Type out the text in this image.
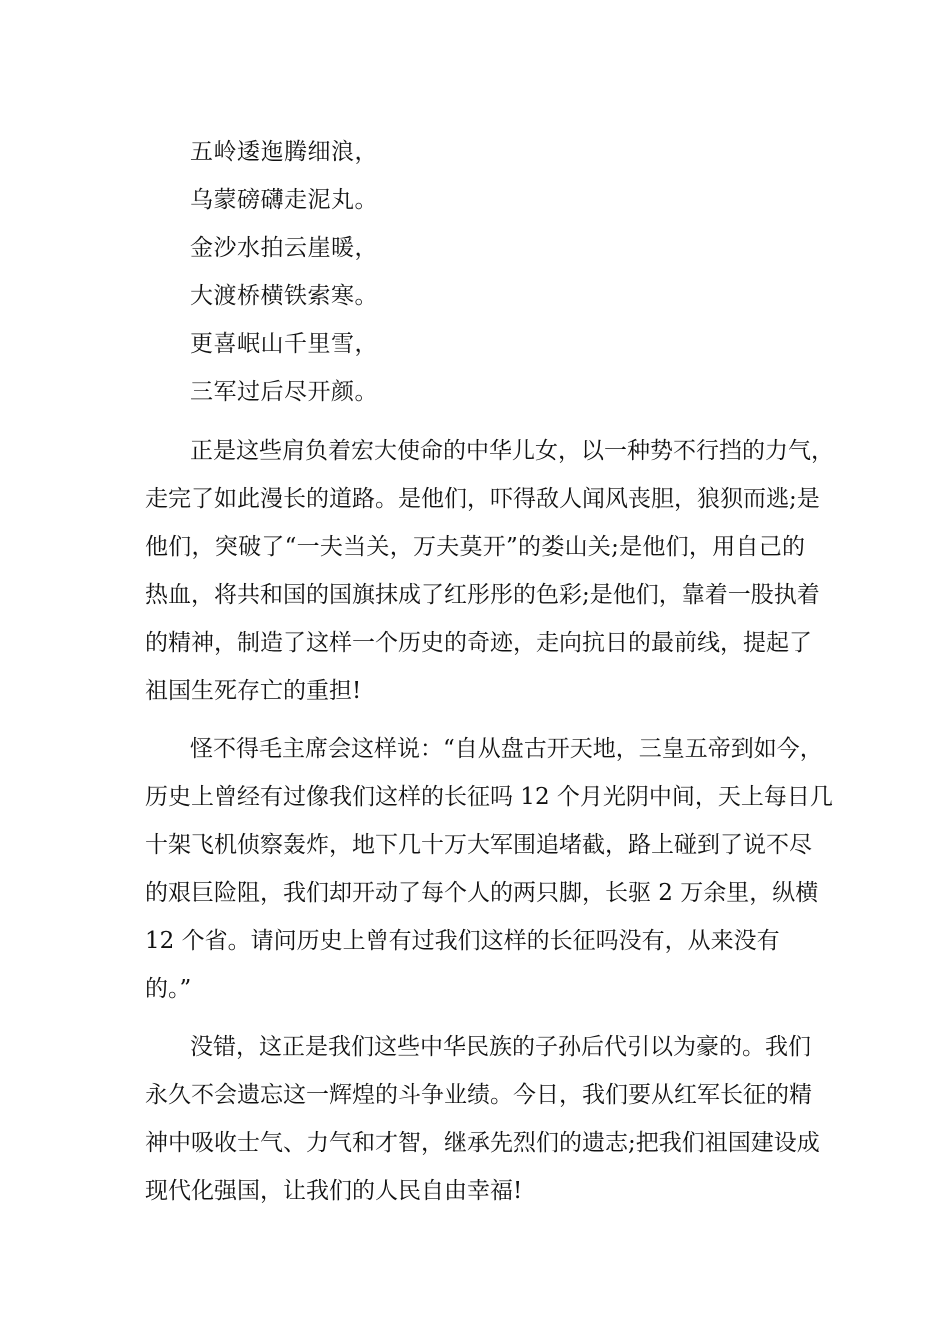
五岭逶迤腾细浪，
乌蒙磅礴走泥丸。
金沙水拍云崖暖，
大渡桥横铁索寒。
更喜岷山千里雪，
三军过后尽开颜。
正是这些肩负着宏大使命的中华儿女，以一种势不行挡的力气，
走完了如此漫长的道路。是他们，吓得敌人闻风丧胆，狼狈而逃;是
他们，突破了“一夫当关，万夫莫开”的娄山关;是他们，用自己的
热血，将共和国的国旗抹成了红彤彤的色彩;是他们，靠着一股执着
的精神，制造了这样一个历史的奇迹，走向抗日的最前线，提起了
祖国生死存亡的重担!
怪不得毛主席会这样说：“自从盘古开天地，三皇五帝到如今，
历史上曾经有过像我们这样的长征吗 12 个月光阴中间，天上每日几
十架飞机侦察轰炸，地下几十万大军围追堵截，路上碰到了说不尽
的艰巨险阻，我们却开动了每个人的两只脚，长驱 2 万余里，纵横
12 个省。请问历史上曾有过我们这样的长征吗没有，从来没有
的。”
没错，这正是我们这些中华民族的子孙后代引以为豪的。我们
永久不会遗忘这一辉煌的斗争业绩。今日，我们要从红军长征的精
神中吸收士气、力气和才智，继承先烈们的遗志;把我们祖国建设成
现代化强国，让我们的人民自由幸福!
